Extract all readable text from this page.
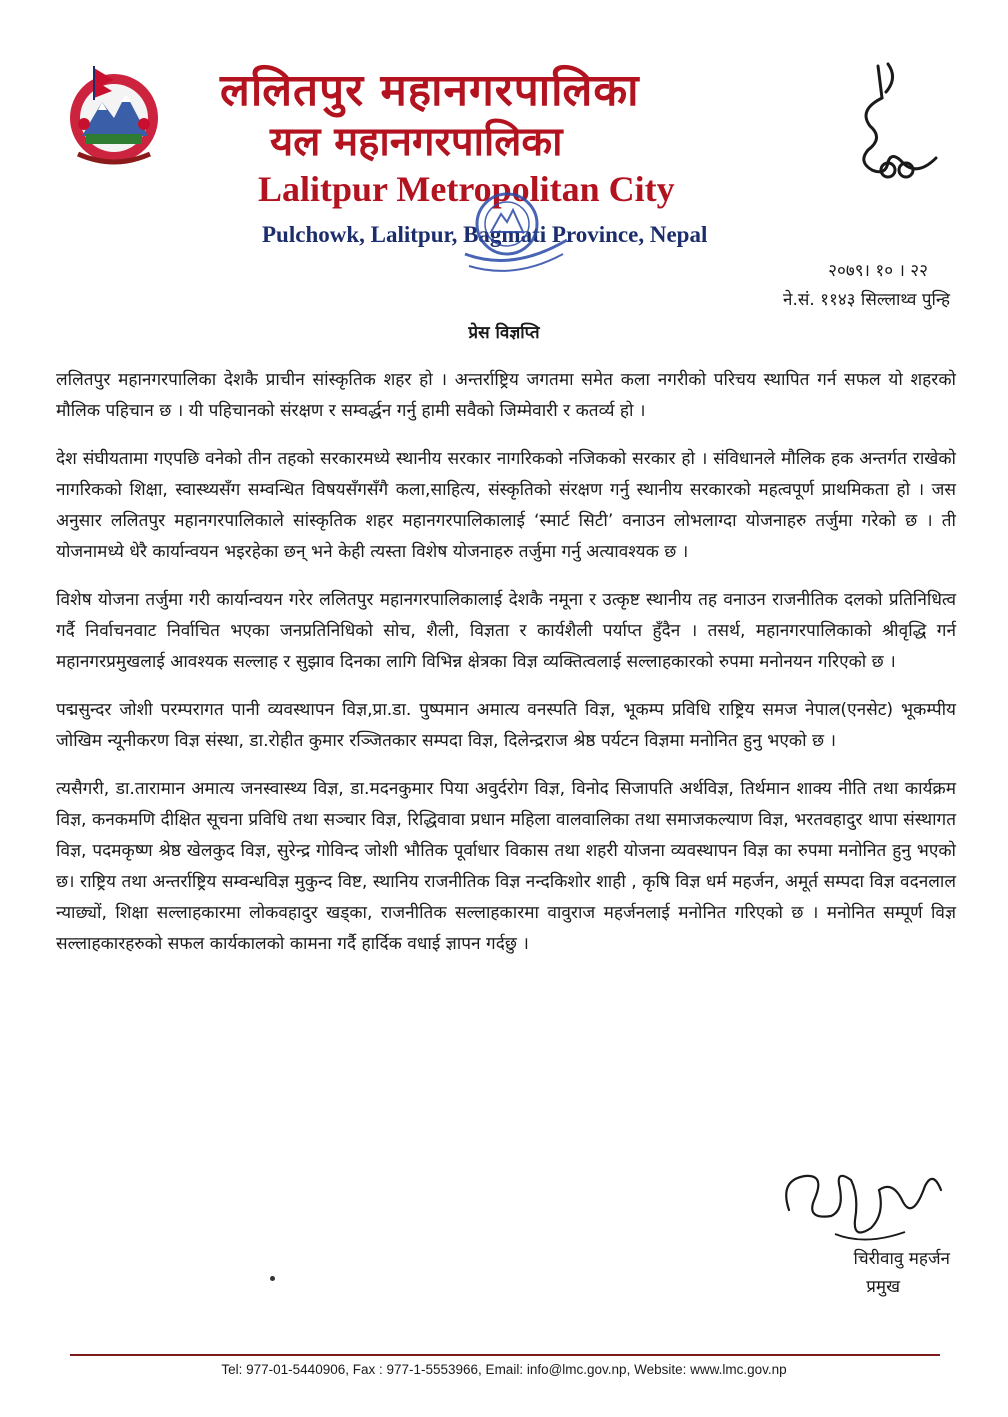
ललितपुर महानगरपालिका
यल महानगरपालिका
Lalitpur Metropolitan City
Pulchowk, Lalitpur, Bagmati Province, Nepal
२०७९। १० । २२
ने.सं. ११४३ सिल्लाथ्व पुन्हि
प्रेस विज्ञप्ति

ललितपुर महानगरपालिका देशकै प्राचीन सांस्कृतिक शहर हो । अन्तर्राष्ट्रिय जगतमा समेत कला नगरीको परिचय स्थापित गर्न सफल यो शहरको मौलिक पहिचान छ । यी पहिचानको संरक्षण र सम्वर्द्धन गर्नु हामी सवैको जिम्मेवारी र कतर्व्य हो ।

देश संघीयतामा गएपछि वनेको तीन तहको सरकारमध्ये स्थानीय सरकार नागरिकको नजिकको सरकार हो । संविधानले मौलिक हक अन्तर्गत राखेको नागरिकको शिक्षा, स्वास्थ्यसँग सम्वन्धित विषयसँगसँगै कला,साहित्य, संस्कृतिको संरक्षण गर्नु स्थानीय सरकारको महत्वपूर्ण प्राथमिकता हो । जस अनुसार ललितपुर महानगरपालिकाले सांस्कृतिक शहर महानगरपालिकालाई ‘स्मार्ट सिटी’ वनाउन लोभलाग्दा योजनाहरु तर्जुमा गरेको छ । ती योजनामध्ये धेरै कार्यान्वयन भइरहेका छन् भने केही त्यस्ता विशेष योजनाहरु तर्जुमा गर्नु अत्यावश्यक छ ।

विशेष योजना तर्जुमा गरी कार्यान्वयन गरेर ललितपुर महानगरपालिकालाई देशकै नमूना र उत्कृष्ट स्थानीय तह वनाउन राजनीतिक दलको प्रतिनिधित्व गर्दै निर्वाचनवाट निर्वाचित भएका जनप्रतिनिधिको सोच, शैली, विज्ञता र कार्यशैली पर्याप्त हुँदैन । तसर्थ, महानगरपालिकाको श्रीवृद्धि गर्न महानगरप्रमुखलाई आवश्यक सल्लाह र सुझाव दिनका लागि विभिन्न क्षेत्रका विज्ञ व्यक्तित्वलाई सल्लाहकारको रुपमा मनोनयन गरिएको छ ।

पद्मसुन्दर जोशी परम्परागत पानी व्यवस्थापन विज्ञ,प्रा.डा. पुष्पमान अमात्य वनस्पति विज्ञ, भूकम्प प्रविधि राष्ट्रिय समज नेपाल(एनसेट) भूकम्पीय जोखिम न्यूनीकरण विज्ञ संस्था, डा.रोहीत कुमार रञ्जितकार सम्पदा विज्ञ, दिलेन्द्रराज श्रेष्ठ पर्यटन विज्ञमा मनोनित हुनु भएको छ ।

त्यसैगरी, डा.तारामान अमात्य जनस्वास्थ्य विज्ञ, डा.मदनकुमार पिया अवुर्दरोग विज्ञ, विनोद सिजापति अर्थविज्ञ, तिर्थमान शाक्य नीति तथा कार्यक्रम विज्ञ, कनकमणि दीक्षित सूचना प्रविधि तथा सञ्चार विज्ञ, रिद्धिवावा प्रधान महिला वालवालिका तथा समाजकल्याण विज्ञ, भरतवहादुर थापा संस्थागत विज्ञ, पदमकृष्ण श्रेष्ठ खेलकुद विज्ञ, सुरेन्द्र गोविन्द जोशी भौतिक पूर्वाधार विकास तथा शहरी योजना व्यवस्थापन विज्ञ का रुपमा मनोनित हुनु भएको छ। राष्ट्रिय तथा अन्तर्राष्ट्रिय सम्वन्धविज्ञ मुकुन्द विष्ट, स्थानिय राजनीतिक विज्ञ नन्दकिशोर शाही , कृषि विज्ञ धर्म महर्जन, अमूर्त सम्पदा विज्ञ वदनलाल न्याछ्यों, शिक्षा सल्लाहकारमा लोकवहादुर खड्का, राजनीतिक सल्लाहकारमा वावुराज महर्जनलाई मनोनित गरिएको छ । मनोनित सम्पूर्ण विज्ञ सल्लाहकारहरुको सफल कार्यकालको कामना गर्दै हार्दिक वधाई ज्ञापन गर्दछु ।

चिरीवावु महर्जन
प्रमुख
Tel: 977-01-5440906, Fax : 977-1-5553966, Email: info@lmc.gov.np, Website: www.lmc.gov.np
